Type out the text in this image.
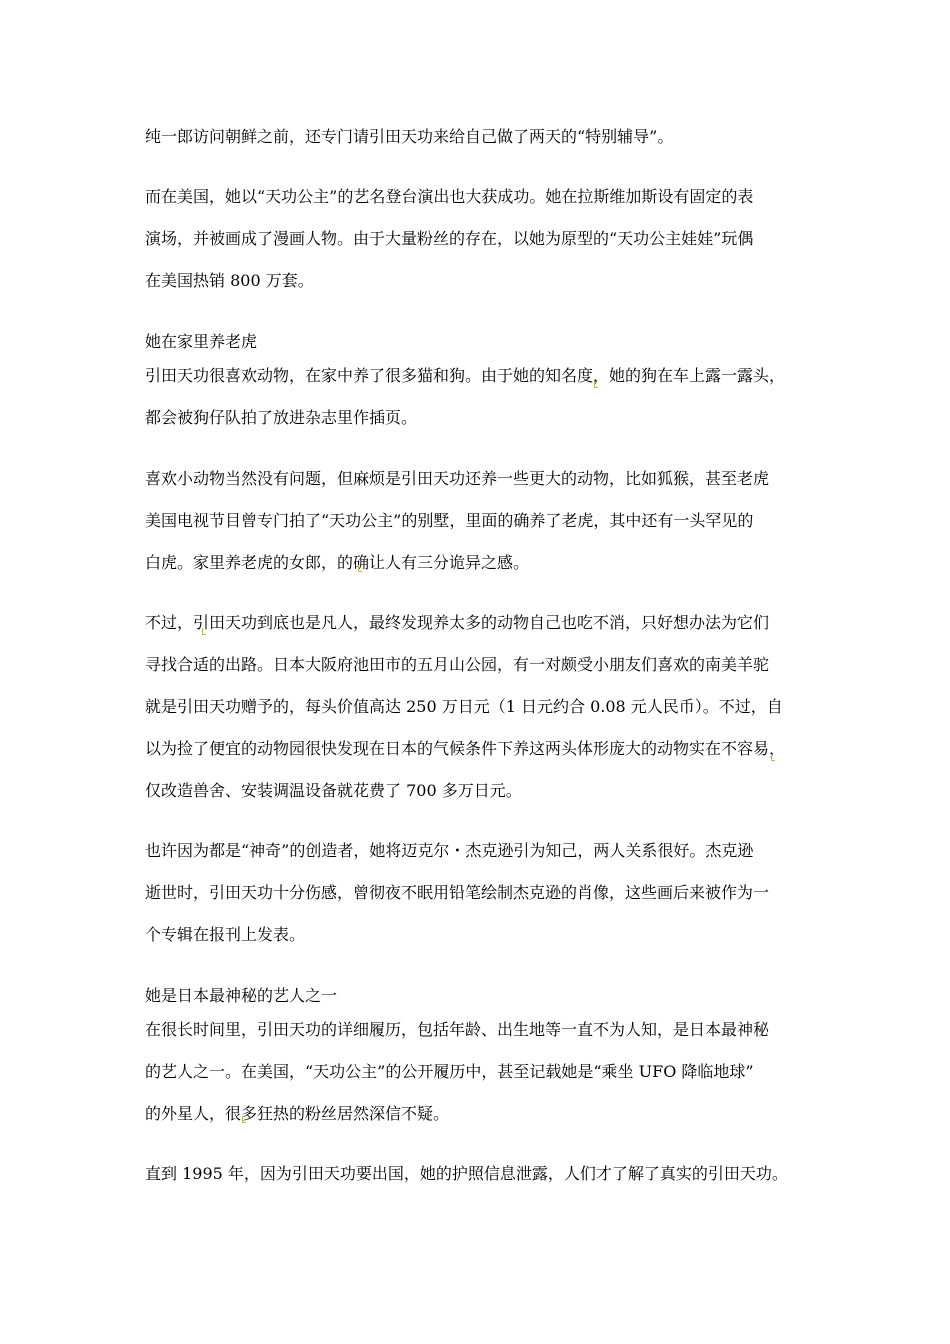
纯一郎访问朝鲜之前，还专门请引田天功来给自己做了两天的“特别辅导”。
而在美国，她以“天功公主”的艺名登台演出也大获成功。她在拉斯维加斯设有固定的表
演场，并被画成了漫画人物。由于大量粉丝的存在，以她为原型的“天功公主娃娃”玩偶
在美国热销 800 万套。
她在家里养老虎
引田天功很喜欢动物，在家中养了很多猫和狗。由于她的知名度，她的狗在车上露一露头，
都会被狗仔队拍了放进杂志里作插页。
喜欢小动物当然没有问题，但麻烦是引田天功还养一些更大的动物，比如狐猴，甚至老虎
美国电视节目曾专门拍了“天功公主”的别墅，里面的确养了老虎，其中还有一头罕见的
白虎。家里养老虎的女郎，的确让人有三分诡异之感。
不过，引田天功到底也是凡人，最终发现养太多的动物自己也吃不消，只好想办法为它们
寻找合适的出路。日本大阪府池田市的五月山公园，有一对颇受小朋友们喜欢的南美羊驼
就是引田天功赠予的，每头价值高达 250 万日元（1 日元约合 0.08 元人民币）。不过，自
以为捡了便宜的动物园很快发现在日本的气候条件下养这两头体形庞大的动物实在不容易，
仅改造兽舍、安装调温设备就花费了 700 多万日元。
也许因为都是“神奇”的创造者，她将迈克尔・杰克逊引为知己，两人关系很好。杰克逊
逝世时，引田天功十分伤感，曾彻夜不眠用铅笔绘制杰克逊的肖像，这些画后来被作为一
个专辑在报刊上发表。
她是日本最神秘的艺人之一
在很长时间里，引田天功的详细履历，包括年龄、出生地等一直不为人知，是日本最神秘
的艺人之一。在美国，“天功公主”的公开履历中，甚至记载她是“乘坐 UFO 降临地球”
的外星人，很多狂热的粉丝居然深信不疑。
直到 1995 年，因为引田天功要出国，她的护照信息泄露，人们才了解了真实的引田天功。
